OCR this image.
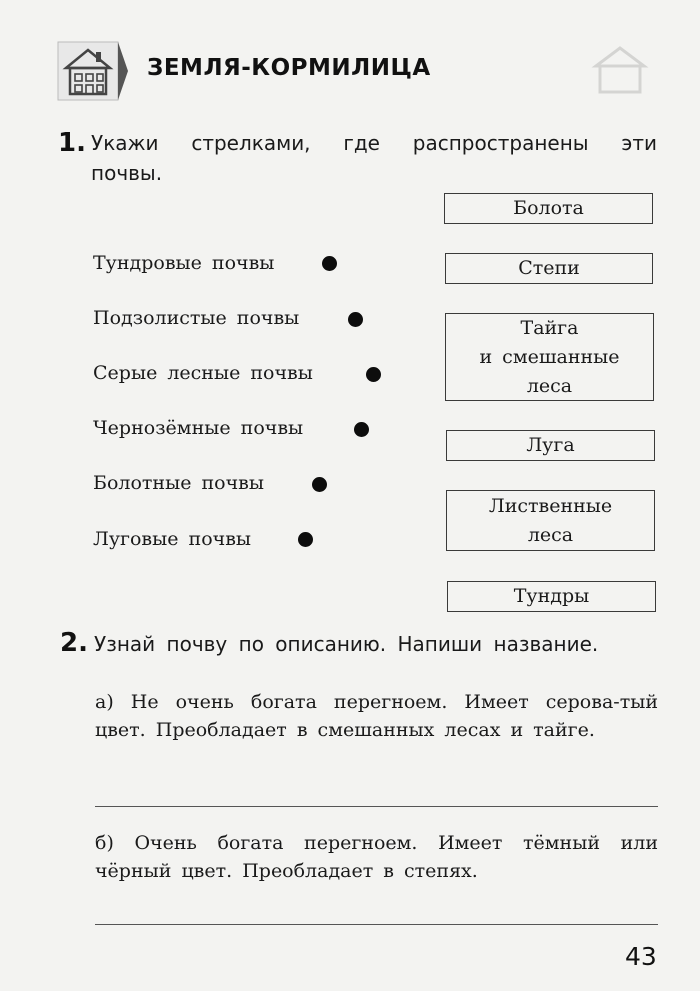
ЗЕМЛЯ-КОРМИЛИЦА
1. Укажи стрелками, где распространены эти
почвы.
Тундровые почвы
Подзолистые почвы
Серые лесные почвы
Чернозёмные почвы
Болотные почвы
Луговые почвы
Болота
Степи
Тайга
и смешанные
леса
Луга
Лиственные
леса
Тундры
2. Узнай почву по описанию. Напиши название.
а) Не очень богата перегноем. Имеет серова-тый цвет. Преобладает в смешанных лесах и тайге.
б) Очень богата перегноем. Имеет тёмный или чёрный цвет. Преобладает в степях.
43
